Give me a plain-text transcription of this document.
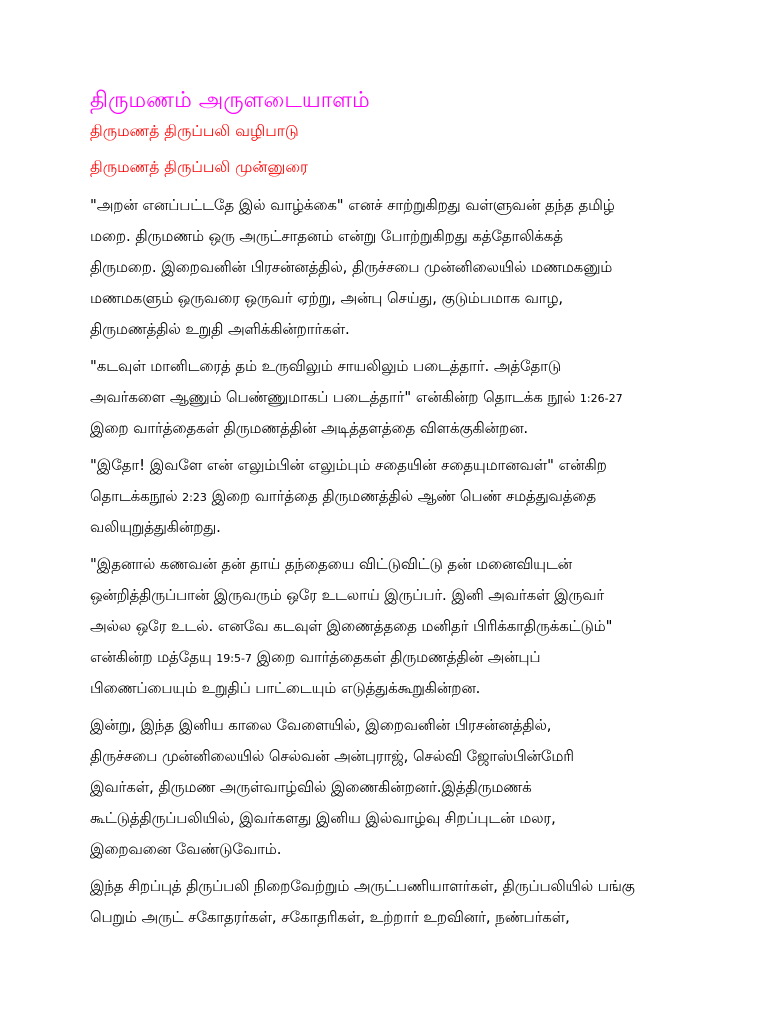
திருமணம் அருளடையாளம்
திருமணத் திருப்பலி வழிபாடு
திருமணத் திருப்பலி முன்னுரை

"அறன் எனப்பட்டதே இல் வாழ்க்கை" எனச் சாற்றுகிறது வள்ளுவன் தந்த தமிழ்
மறை. திருமணம் ஒரு அருட்சாதனம் என்று போற்றுகிறது கத்தோலிக்கத்
திருமறை. இறைவனின் பிரசன்னத்தில், திருச்சபை முன்னிலையில் மணமகனும்
மணமகளும் ஒருவரை ஒருவர் ஏற்று, அன்பு செய்து, குடும்பமாக வாழ,
திருமணத்தில் உறுதி அளிக்கின்றார்கள்.

"கடவுள் மானிடரைத் தம் உருவிலும் சாயலிலும் படைத்தார். அத்தோடு
அவர்களை ஆணும் பெண்ணுமாகப் படைத்தார்" என்கின்ற தொடக்க நூல் 1:26-27
இறை வார்த்தைகள் திருமணத்தின் அடித்தளத்தை விளக்குகின்றன.

"இதோ! இவளே என் எலும்பின் எலும்பும் சதையின் சதையுமானவள்" என்கிற
தொடக்கநூல் 2:23 இறை வார்த்தை திருமணத்தில் ஆண் பெண் சமத்துவத்தை
வலியுறுத்துகின்றது.

"இதனால் கணவன் தன் தாய் தந்தையை விட்டுவிட்டு தன் மனைவியுடன்
ஒன்றித்திருப்பான் இருவரும் ஒரே உடலாய் இருப்பர். இனி அவர்கள் இருவர்
அல்ல ஒரே உடல். எனவே கடவுள் இணைத்ததை மனிதர் பிரிக்காதிருக்கட்டும்"
என்கின்ற மத்தேயு 19:5-7 இறை வார்த்தைகள் திருமணத்தின் அன்புப்
பிணைப்பையும் உறுதிப் பாட்டையும் எடுத்துக்கூறுகின்றன.

இன்று, இந்த இனிய காலை வேளையில், இறைவனின் பிரசன்னத்தில்,
திருச்சபை முன்னிலையில் செல்வன் அன்புராஜ், செல்வி ஜோஸ்பின்மேரி
இவர்கள், திருமண அருள்வாழ்வில் இணைகின்றனர்.இத்திருமணக்
கூட்டுத்திருப்பலியில், இவர்களது இனிய இல்வாழ்வு சிறப்புடன் மலர,
இறைவனை வேண்டுவோம்.

இந்த சிறப்புத் திருப்பலி நிறைவேற்றும் அருட்பணியாளர்கள், திருப்பலியில் பங்கு
பெறும் அருட் சகோதரர்கள், சகோதரிகள், உற்றார் உறவினர், நண்பர்கள்,
